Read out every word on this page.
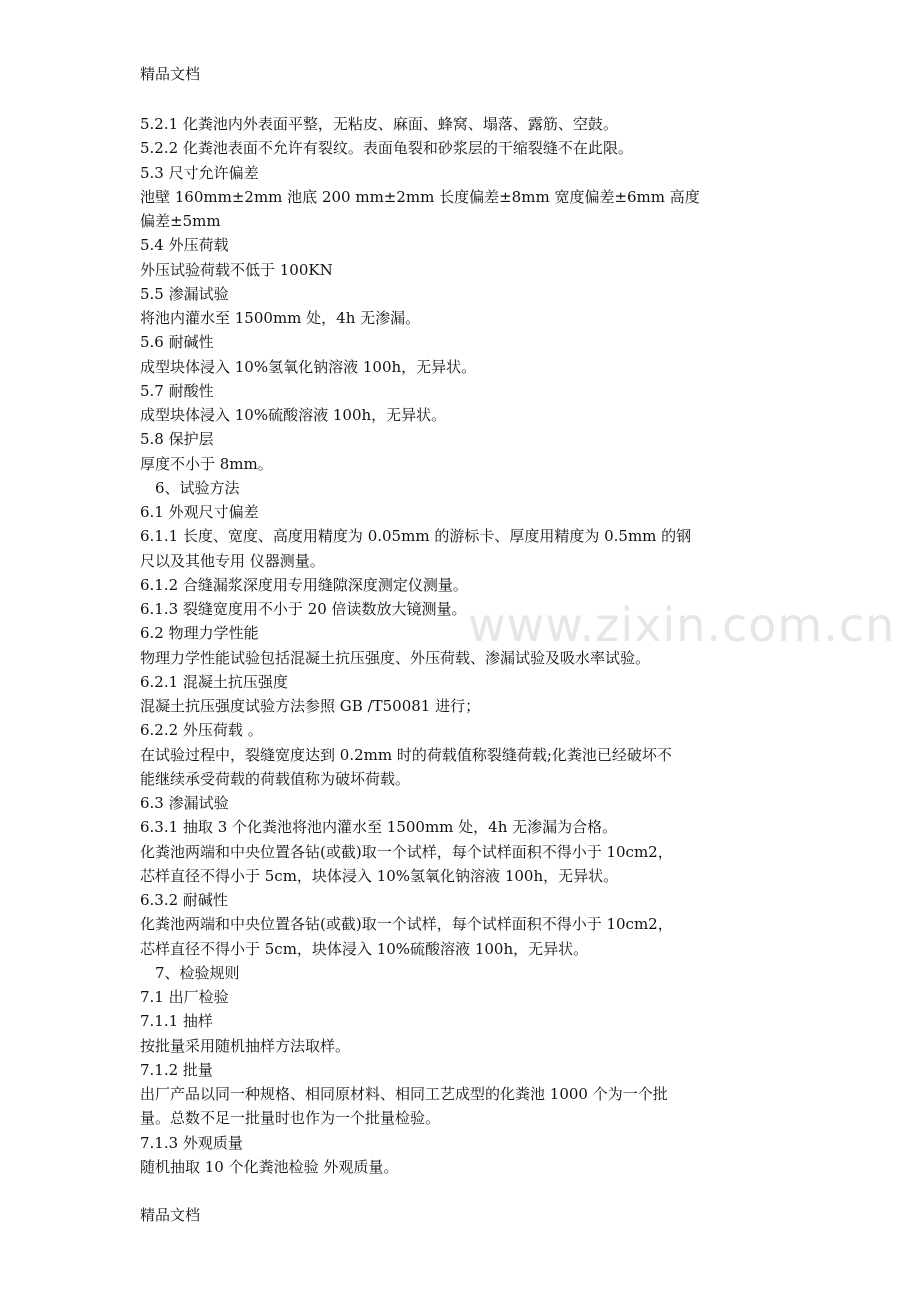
精品文档
www.zixin.com.cn
5.2.1 化粪池内外表面平整，无粘皮、麻面、蜂窝、塌落、露筋、空鼓。
5.2.2 化粪池表面不允许有裂纹。表面龟裂和砂浆层的干缩裂缝不在此限。
5.3 尺寸允许偏差
池壁 160mm±2mm 池底 200 mm±2mm 长度偏差±8mm 宽度偏差±6mm 高度
偏差±5mm
5.4 外压荷载
外压试验荷载不低于 100KN
5.5 渗漏试验
将池内灌水至 1500mm 处，4h 无渗漏。
5.6 耐碱性
成型块体浸入 10%氢氧化钠溶液 100h，无异状。
5.7 耐酸性
成型块体浸入 10%硫酸溶液 100h，无异状。
5.8 保护层
厚度不小于 8mm。
6、试验方法
6.1 外观尺寸偏差
6.1.1 长度、宽度、高度用精度为 0.05mm 的游标卡、厚度用精度为 0.5mm 的钢
尺以及其他专用 仪器测量。
6.1.2 合缝漏浆深度用专用缝隙深度测定仪测量。
6.1.3 裂缝宽度用不小于 20 倍读数放大镜测量。
6.2 物理力学性能
物理力学性能试验包括混凝土抗压强度、外压荷载、渗漏试验及吸水率试验。
6.2.1 混凝土抗压强度
混凝土抗压强度试验方法参照 GB /T50081 进行；
6.2.2 外压荷载 。
在试验过程中，裂缝宽度达到 0.2mm 时的荷载值称裂缝荷载;化粪池已经破坏不
能继续承受荷载的荷载值称为破坏荷载。
6.3 渗漏试验
6.3.1 抽取 3 个化粪池将池内灌水至 1500mm 处，4h 无渗漏为合格。
化粪池两端和中央位置各钻(或截)取一个试样，每个试样面积不得小于 10cm2，
芯样直径不得小于 5cm，块体浸入 10%氢氧化钠溶液 100h，无异状。
6.3.2 耐碱性
化粪池两端和中央位置各钻(或截)取一个试样，每个试样面积不得小于 10cm2，
芯样直径不得小于 5cm，块体浸入 10%硫酸溶液 100h，无异状。
7、检验规则
7.1 出厂检验
7.1.1 抽样
按批量采用随机抽样方法取样。
7.1.2 批量
出厂产品以同一种规格、相同原材料、相同工艺成型的化粪池 1000 个为一个批
量。总数不足一批量时也作为一个批量检验。
7.1.3 外观质量
随机抽取 10 个化粪池检验 外观质量。
精品文档
